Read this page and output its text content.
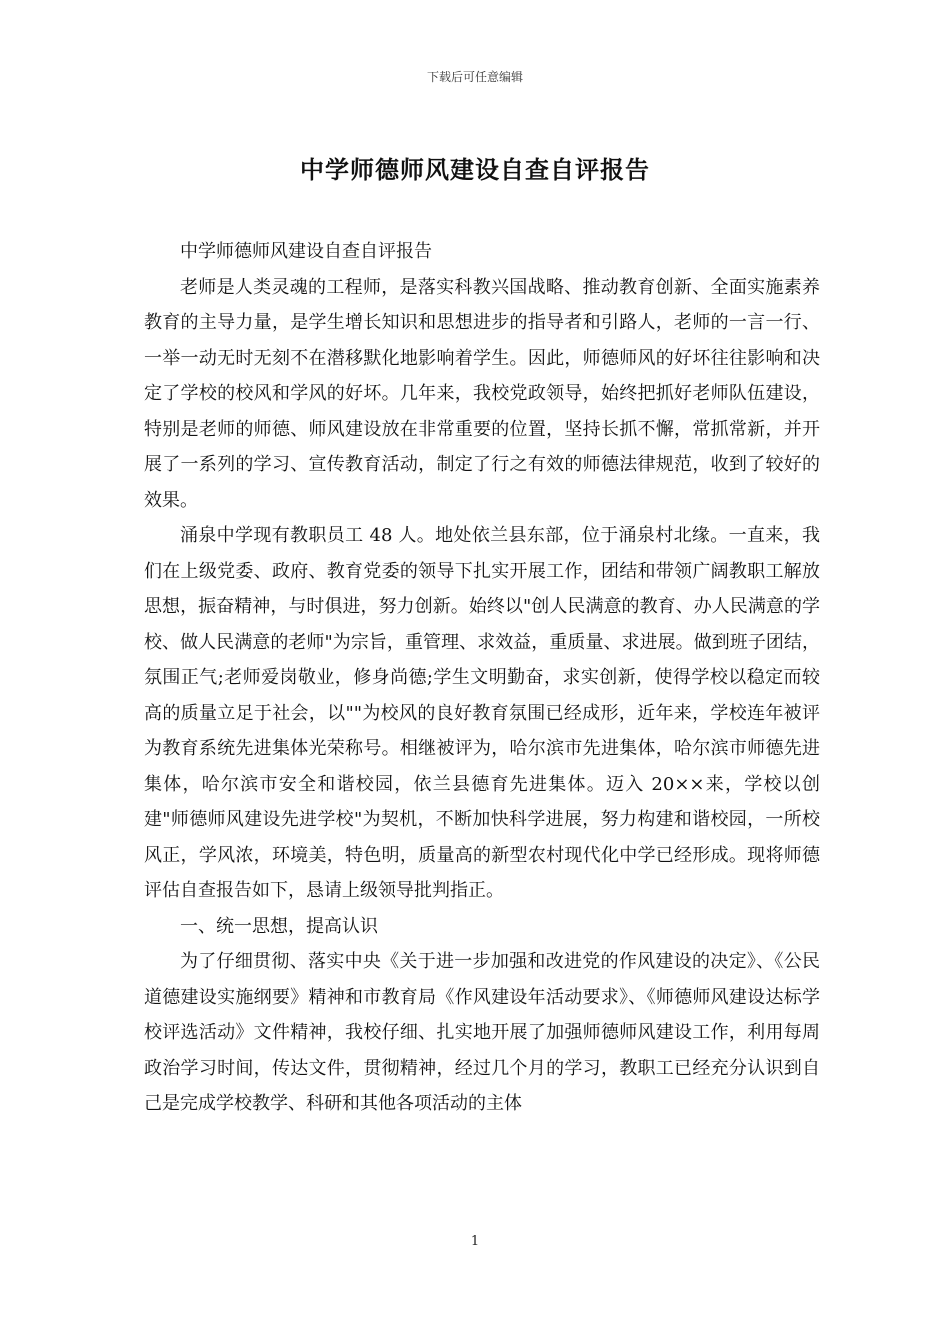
下载后可任意编辑
中学师德师风建设自查自评报告

中学师德师风建设自查自评报告

老师是人类灵魂的工程师，是落实科教兴国战略、推动教育创新、全面实施素养教育的主导力量，是学生增长知识和思想进步的指导者和引路人，老师的一言一行、一举一动无时无刻不在潜移默化地影响着学生。因此，师德师风的好坏往往影响和决定了学校的校风和学风的好坏。几年来，我校党政领导，始终把抓好老师队伍建设，特别是老师的师德、师风建设放在非常重要的位置，坚持长抓不懈，常抓常新，并开展了一系列的学习、宣传教育活动，制定了行之有效的师德法律规范，收到了较好的效果。

涌泉中学现有教职员工 48 人。地处依兰县东部，位于涌泉村北缘。一直来，我们在上级党委、政府、教育党委的领导下扎实开展工作，团结和带领广阔教职工解放思想，振奋精神，与时俱进，努力创新。始终以"创人民满意的教育、办人民满意的学校、做人民满意的老师"为宗旨，重管理、求效益，重质量、求进展。做到班子团结，氛围正气;老师爱岗敬业，修身尚德;学生文明勤奋，求实创新，使得学校以稳定而较高的质量立足于社会，以""为校风的良好教育氛围已经成形，近年来，学校连年被评为教育系统先进集体光荣称号。相继被评为，哈尔滨市先进集体，哈尔滨市师德先进集体，哈尔滨市安全和谐校园，依兰县德育先进集体。迈入 20××来，学校以创建"师德师风建设先进学校"为契机，不断加快科学进展，努力构建和谐校园，一所校风正，学风浓，环境美，特色明，质量高的新型农村现代化中学已经形成。现将师德评估自查报告如下，恳请上级领导批判指正。

一、统一思想，提高认识

为了仔细贯彻、落实中央《关于进一步加强和改进党的作风建设的决定》、《公民道德建设实施纲要》精神和市教育局《作风建设年活动要求》、《师德师风建设达标学校评选活动》文件精神，我校仔细、扎实地开展了加强师德师风建设工作，利用每周政治学习时间，传达文件，贯彻精神，经过几个月的学习，教职工已经充分认识到自己是完成学校教学、科研和其他各项活动的主体

1
